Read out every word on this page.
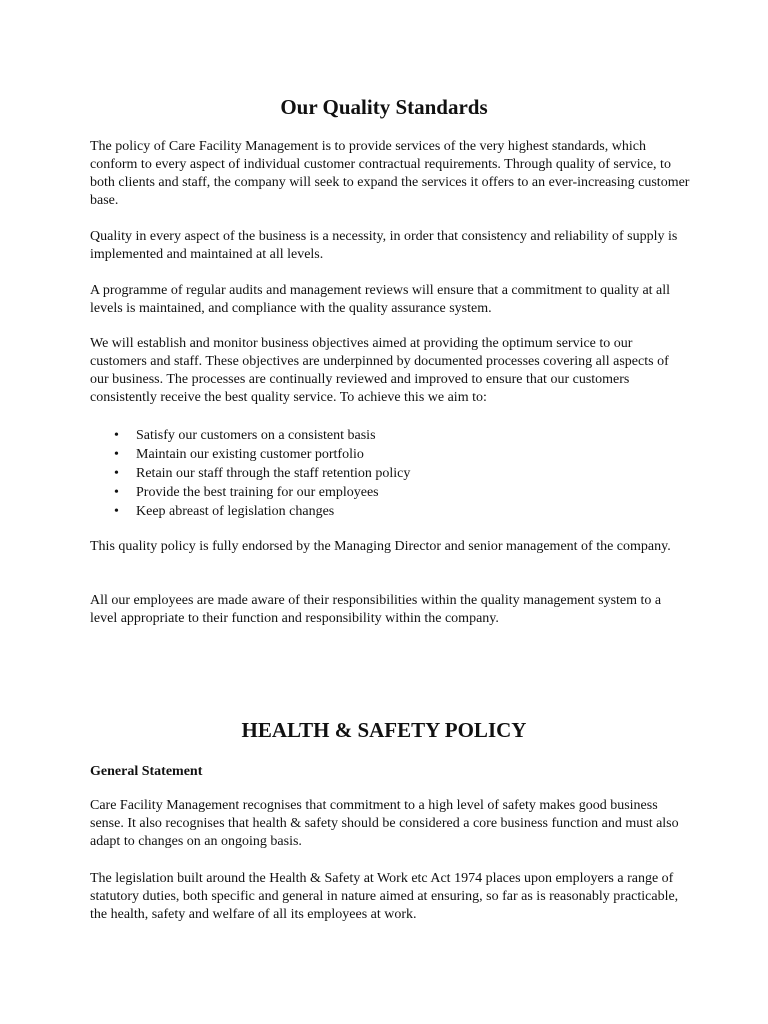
Our Quality Standards

The policy of Care Facility Management is to provide services of the very highest standards, which conform to every aspect of individual customer contractual requirements. Through quality of service, to both clients and staff, the company will seek to expand the services it offers to an ever-increasing customer base.

Quality in every aspect of the business is a necessity, in order that consistency and reliability of supply is implemented and maintained at all levels.

A programme of regular audits and management reviews will ensure that a commitment to quality at all levels is maintained, and compliance with the quality assurance system.

We will establish and monitor business objectives aimed at providing the optimum service to our customers and staff. These objectives are underpinned by documented processes covering all aspects of our business. The processes are continually reviewed and improved to ensure that our customers consistently receive the best quality service. To achieve this we aim to:

• Satisfy our customers on a consistent basis
• Maintain our existing customer portfolio
• Retain our staff through the staff retention policy
• Provide the best training for our employees
• Keep abreast of legislation changes

This quality policy is fully endorsed by the Managing Director and senior management of the company.

All our employees are made aware of their responsibilities within the quality management system to a level appropriate to their function and responsibility within the company.

HEALTH & SAFETY POLICY

General Statement

Care Facility Management recognises that commitment to a high level of safety makes good business sense. It also recognises that health & safety should be considered a core business function and must also adapt to changes on an ongoing basis.

The legislation built around the Health & Safety at Work etc Act 1974 places upon employers a range of statutory duties, both specific and general in nature aimed at ensuring, so far as is reasonably practicable, the health, safety and welfare of all its employees at work.
